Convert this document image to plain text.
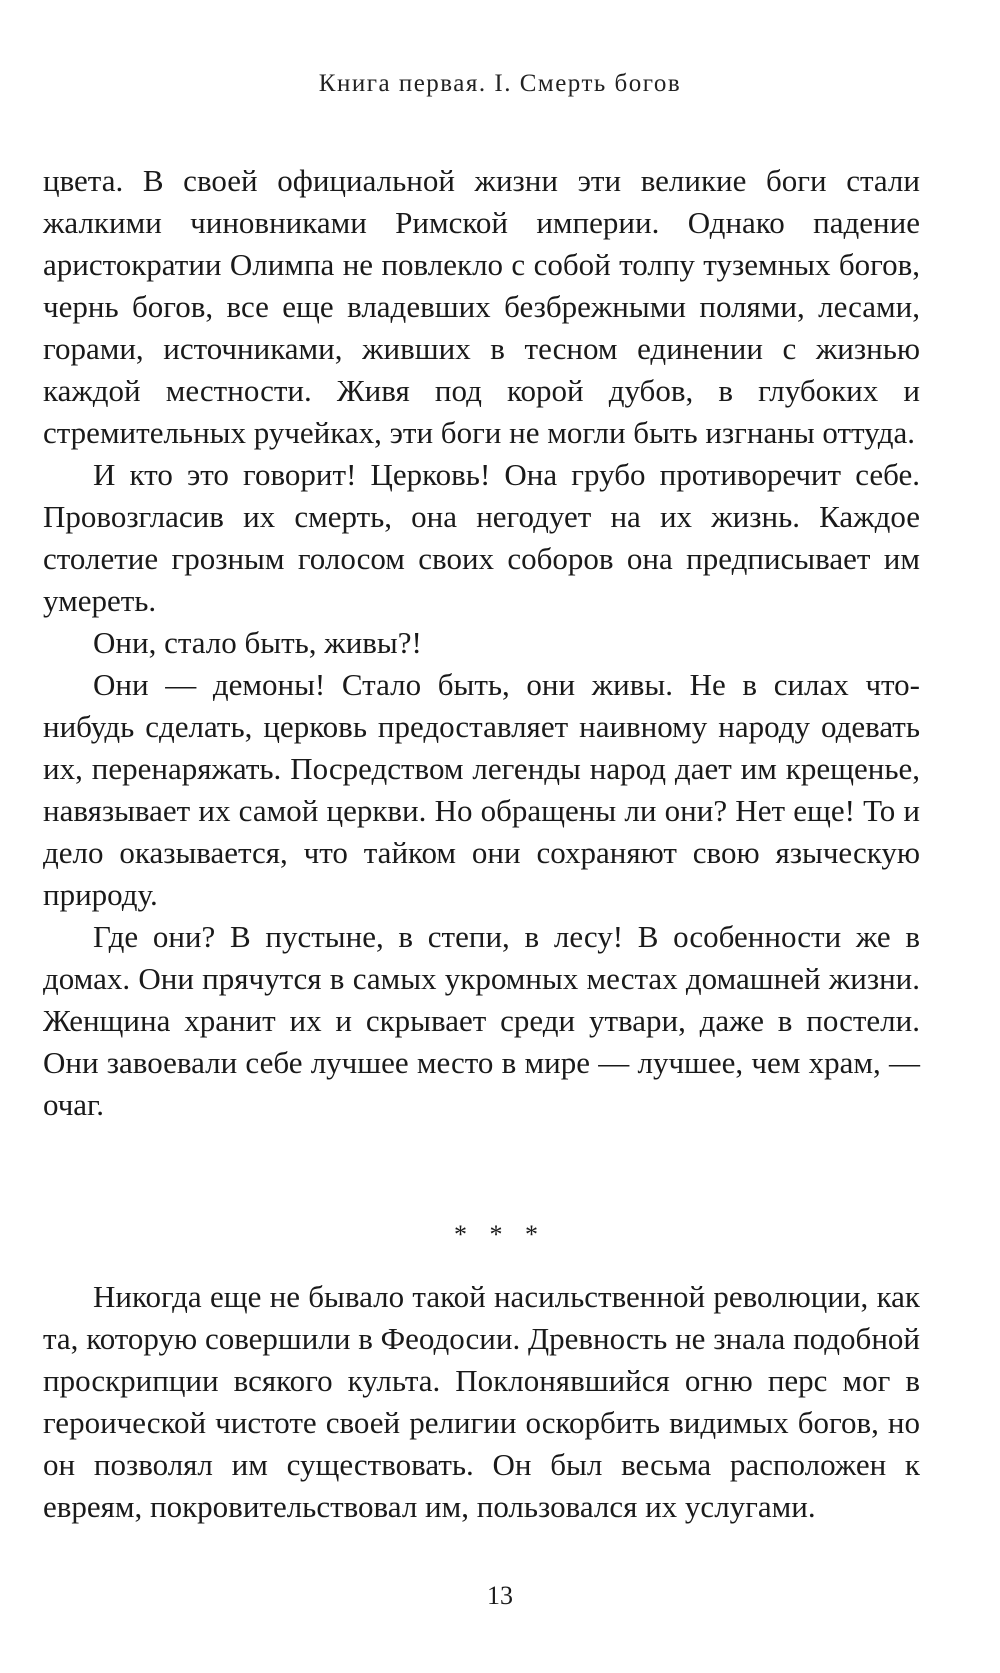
Книга первая. I. Смерть богов

цвета. В своей официальной жизни эти великие боги стали жалкими чиновниками Римской империи. Однако падение аристократии Олимпа не повлекло с собой толпу туземных богов, чернь богов, все еще владевших безбрежными полями, лесами, горами, источниками, живших в тесном единении с жизнью каждой местности. Живя под корой дубов, в глубоких и стремительных ручейках, эти боги не могли быть изгнаны оттуда.

И кто это говорит! Церковь! Она грубо противоречит себе. Провозгласив их смерть, она негодует на их жизнь. Каждое столетие грозным голосом своих соборов она предписывает им умереть.

Они, стало быть, живы?!

Они — демоны! Стало быть, они живы. Не в силах что-нибудь сделать, церковь предоставляет наивному народу одевать их, перенаряжать. Посредством легенды народ дает им крещенье, навязывает их самой церкви. Но обращены ли они? Нет еще! То и дело оказывается, что тайком они сохраняют свою языческую природу.

Где они? В пустыне, в степи, в лесу! В особенности же в домах. Они прячутся в самых укромных местах домашней жизни. Женщина хранит их и скрывает среди утвари, даже в постели. Они завоевали себе лучшее место в мире — лучшее, чем храм, — очаг.

* * *

Никогда еще не бывало такой насильственной революции, как та, которую совершили в Феодосии. Древность не знала подобной проскрипции всякого культа. Поклонявшийся огню перс мог в героической чистоте своей религии оскорбить видимых богов, но он позволял им существовать. Он был весьма расположен к евреям, покровительствовал им, пользовался их услугами.

13
